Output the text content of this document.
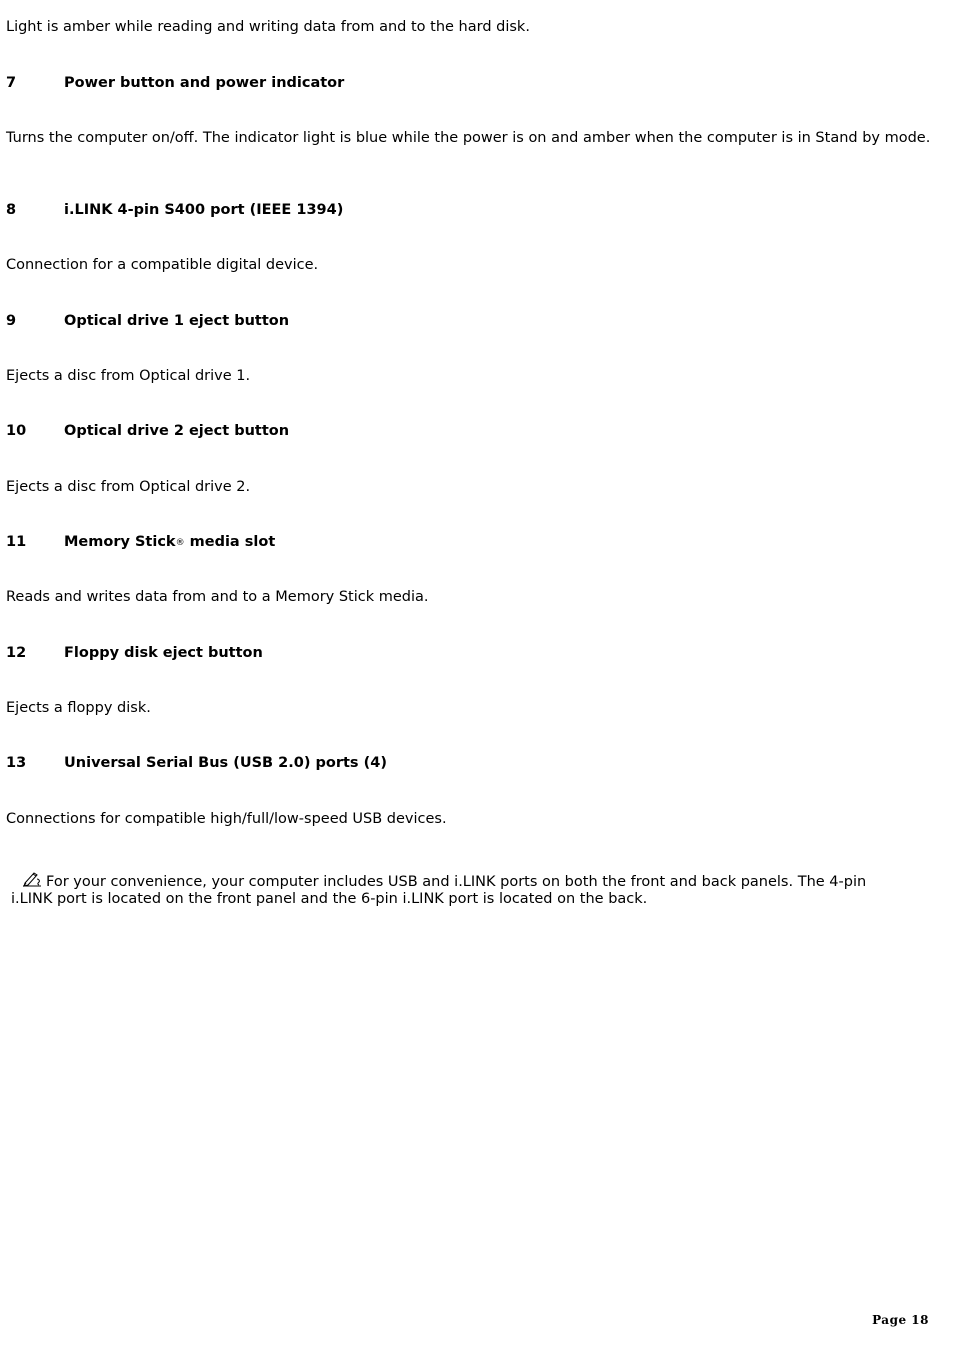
Light is amber while reading and writing data from and to the hard disk.

7	Power button and power indicator

Turns the computer on/off. The indicator light is blue while the power is on and amber when the computer is in Stand by mode.

8	i.LINK 4-pin S400 port (IEEE 1394)

Connection for a compatible digital device.

9	Optical drive 1 eject button

Ejects a disc from Optical drive 1.

10	Optical drive 2 eject button

Ejects a disc from Optical drive 2.

11	Memory Stick® media slot

Reads and writes data from and to a Memory Stick media.

12	Floppy disk eject button

Ejects a floppy disk.

13	Universal Serial Bus (USB 2.0) ports (4)

Connections for compatible high/full/low-speed USB devices.

For your convenience, your computer includes USB and i.LINK ports on both the front and back panels. The 4-pin i.LINK port is located on the front panel and the 6-pin i.LINK port is located on the back.
Page 18
